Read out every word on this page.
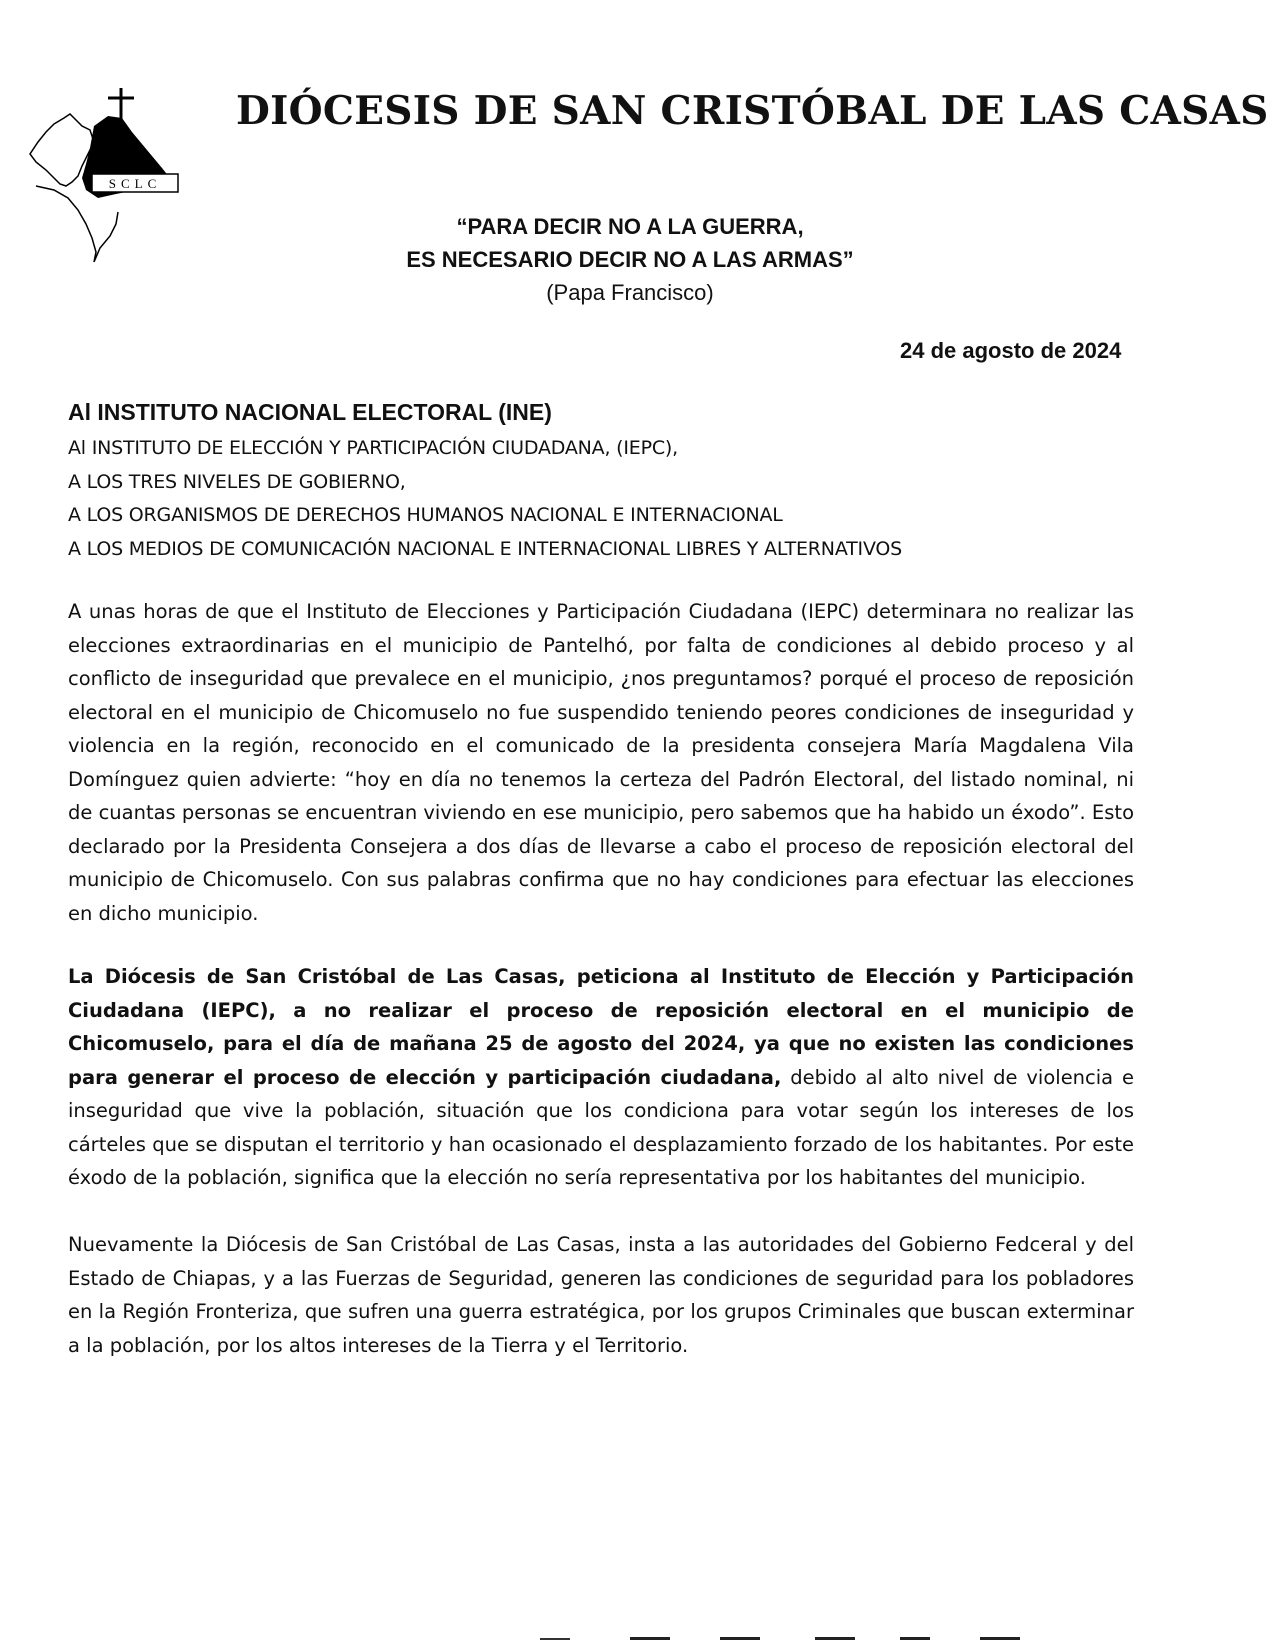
SCLC
DIÓCESIS DE SAN CRISTÓBAL DE LAS CASAS
“PARA DECIR NO A LA GUERRA,
ES NECESARIO DECIR NO A LAS ARMAS”
(Papa Francisco)
24 de agosto de 2024
Al INSTITUTO NACIONAL ELECTORAL (INE)
Al INSTITUTO DE ELECCIÓN Y PARTICIPACIÓN CIUDADANA, (IEPC),
A LOS TRES NIVELES DE GOBIERNO,
A LOS ORGANISMOS DE DERECHOS HUMANOS NACIONAL E INTERNACIONAL
A LOS MEDIOS DE COMUNICACIÓN NACIONAL E INTERNACIONAL LIBRES Y ALTERNATIVOS

A unas horas de que el Instituto de Elecciones y Participación Ciudadana (IEPC) determinara no realizar las elecciones extraordinarias en el municipio de Pantelhó, por falta de condiciones al debido proceso y al conflicto de inseguridad que prevalece en el municipio, ¿nos preguntamos? porqué el proceso de reposición electoral en el municipio de Chicomuselo no fue suspendido teniendo peores condiciones de inseguridad y violencia en la región, reconocido en el comunicado de la presidenta consejera María Magdalena Vila Domínguez quien advierte: “hoy en día no tenemos la certeza del Padrón Electoral, del listado nominal, ni de cuantas personas se encuentran viviendo en ese municipio, pero sabemos que ha habido un éxodo”. Esto declarado por la Presidenta Consejera a dos días de llevarse a cabo el proceso de reposición electoral del municipio de Chicomuselo. Con sus palabras confirma que no hay condiciones para efectuar las elecciones en dicho municipio.

La Diócesis de San Cristóbal de Las Casas, peticiona al Instituto de Elección y Participación Ciudadana (IEPC), a no realizar el proceso de reposición electoral en el municipio de Chicomuselo, para el día de mañana 25 de agosto del 2024, ya que no existen las condiciones para generar el proceso de elección y participación ciudadana, debido al alto nivel de violencia e inseguridad que vive la población, situación que los condiciona para votar según los intereses de los cárteles que se disputan el territorio y han ocasionado el desplazamiento forzado de los habitantes. Por este éxodo de la población, significa que la elección no sería representativa por los habitantes del municipio.

Nuevamente la Diócesis de San Cristóbal de Las Casas, insta a las autoridades del Gobierno Fedceral y del Estado de Chiapas, y a las Fuerzas de Seguridad, generen las condiciones de seguridad para los pobladores en la Región Fronteriza, que sufren una guerra estratégica, por los grupos Criminales que buscan exterminar a la población, por los altos intereses de la Tierra y el Territorio.
